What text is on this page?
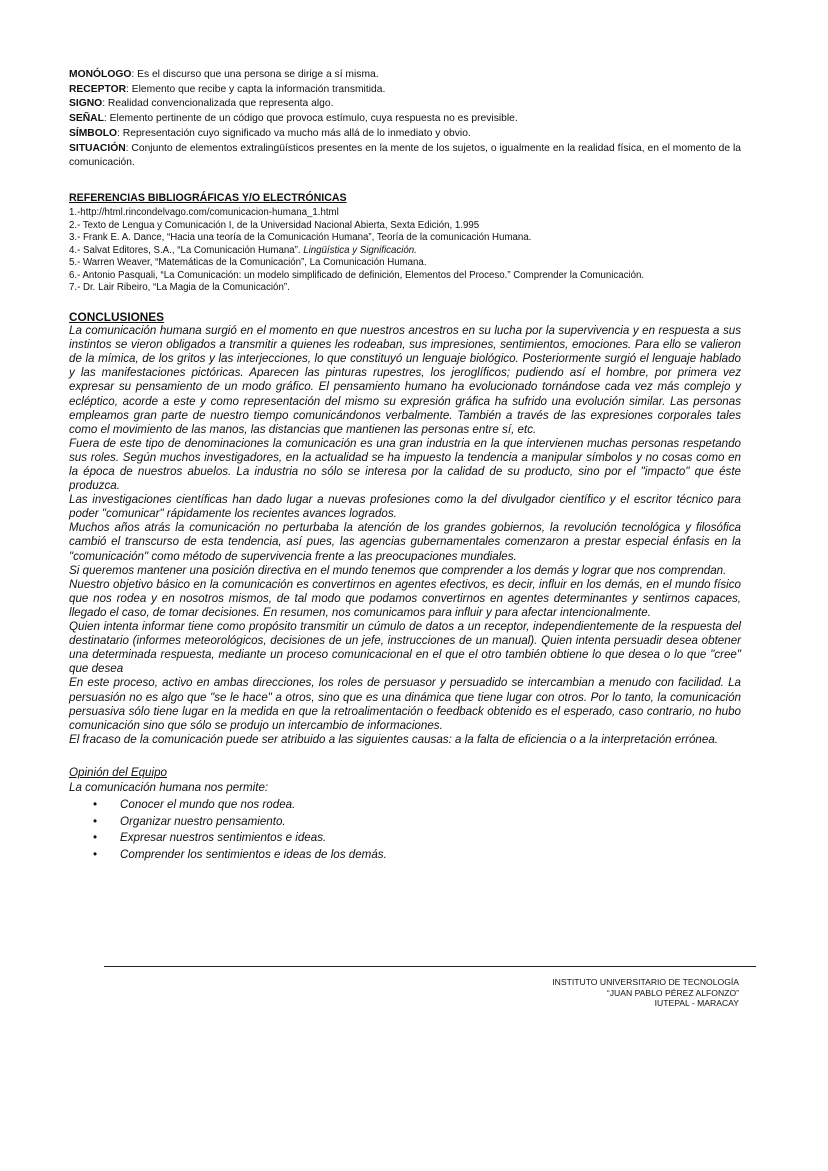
MONÓLOGO: Es el discurso que una persona se dirige a sí misma.

RECEPTOR: Elemento que recibe y capta la información transmitida.

SIGNO: Realidad convencionalizada que representa algo.

SEÑAL: Elemento pertinente de un código que provoca estímulo, cuya respuesta no es previsible.

SÍMBOLO: Representación cuyo significado va mucho más allá de lo inmediato y obvio.

SITUACIÓN: Conjunto de elementos extralingüísticos presentes en la mente de los sujetos, o igualmente en la realidad física, en el momento de la comunicación.

REFERENCIAS BIBLIOGRÁFICAS Y/O ELECTRÓNICAS
1.-http://html.rincondelvago.com/comunicacion-humana_1.html
2.- Texto de Lengua y Comunicación I, de la Universidad Nacional Abierta, Sexta Edición, 1.995
3.- Frank E. A. Dance, “Hacia una teoría de la Comunicación Humana”, Teoría de la comunicación Humana.
4.- Salvat Editores, S.A., “La Comunicación Humana”. Lingüística y Significación.
5.- Warren Weaver, “Matemáticas de la Comunicación”, La Comunicación Humana.
6.- Antonio Pasquali, “La Comunicación: un modelo simplificado de definición, Elementos del Proceso.” Comprender la Comunicación.
7.- Dr. Lair Ribeiro, “La Magia de la Comunicación”.
CONCLUSIONES

La comunicación humana surgió en el momento en que nuestros ancestros en su lucha por la supervivencia y en respuesta a sus instintos se vieron obligados a transmitir a quienes les rodeaban, sus impresiones, sentimientos, emociones. Para ello se valieron de la mímica, de los gritos y las interjecciones, lo que constituyó un lenguaje biológico. Posteriormente surgió el lenguaje hablado y las manifestaciones pictóricas. Aparecen las pinturas rupestres, los jeroglíficos; pudiendo así el hombre, por primera vez expresar su pensamiento de un modo gráfico. El pensamiento humano ha evolucionado tornándose cada vez más complejo y ecléptico, acorde a este y como representación del mismo su expresión gráfica ha sufrido una evolución similar. Las personas empleamos gran parte de nuestro tiempo comunicándonos verbalmente. También a través de las expresiones corporales tales como el movimiento de las manos, las distancias que mantienen las personas entre sí, etc.

Fuera de este tipo de denominaciones la comunicación es una gran industria en la que intervienen muchas personas respetando sus roles. Según muchos investigadores, en la actualidad se ha impuesto la tendencia a manipular símbolos y no cosas como en la época de nuestros abuelos. La industria no sólo se interesa por la calidad de su producto, sino por el "impacto" que éste produzca.

Las investigaciones científicas han dado lugar a nuevas profesiones como la del divulgador científico y el escritor técnico para poder "comunicar" rápidamente los recientes avances logrados.

Muchos años atrás la comunicación no perturbaba la atención de los grandes gobiernos, la revolución tecnológica y filosófica cambió el transcurso de esta tendencia, así pues, las agencias gubernamentales comenzaron a prestar especial énfasis en la "comunicación" como método de supervivencia frente a las preocupaciones mundiales.

Si queremos mantener una posición directiva en el mundo tenemos que comprender a los demás y lograr que nos comprendan.

Nuestro objetivo básico en la comunicación es convertirnos en agentes efectivos, es decir, influir en los demás, en el mundo físico que nos rodea y en nosotros mismos, de tal modo que podamos convertirnos en agentes determinantes y sentirnos capaces, llegado el caso, de tomar decisiones. En resumen, nos comunicamos para influir y para afectar intencionalmente.

Quien intenta informar tiene como propósito transmitir un cúmulo de datos a un receptor, independientemente de la respuesta del destinatario (informes meteorológicos, decisiones de un jefe, instrucciones de un manual). Quien intenta persuadir desea obtener una determinada respuesta, mediante un proceso comunicacional en el que el otro también obtiene lo que desea o lo que "cree" que desea

En este proceso, activo en ambas direcciones, los roles de persuasor y persuadido se intercambian a menudo con facilidad. La persuasión no es algo que "se le hace" a otros, sino que es una dinámica que tiene lugar con otros. Por lo tanto, la comunicación persuasiva sólo tiene lugar en la medida en que la retroalimentación o feedback obtenido es el esperado, caso contrario, no hubo comunicación sino que sólo se produjo un intercambio de informaciones.

El fracaso de la comunicación puede ser atribuido a las siguientes causas: a la falta de eficiencia o a la interpretación errónea.

Opinión del Equipo
La comunicación humana nos permite:
• Conocer el mundo que nos rodea.
• Organizar nuestro pensamiento.
• Expresar nuestros sentimientos e ideas.
• Comprender los sentimientos e ideas de los demás.
INSTITUTO UNIVERSITARIO DE TECNOLOGÍA
“JUAN PABLO PÉREZ ALFONZO”
IUTEPAL - MARACAY
